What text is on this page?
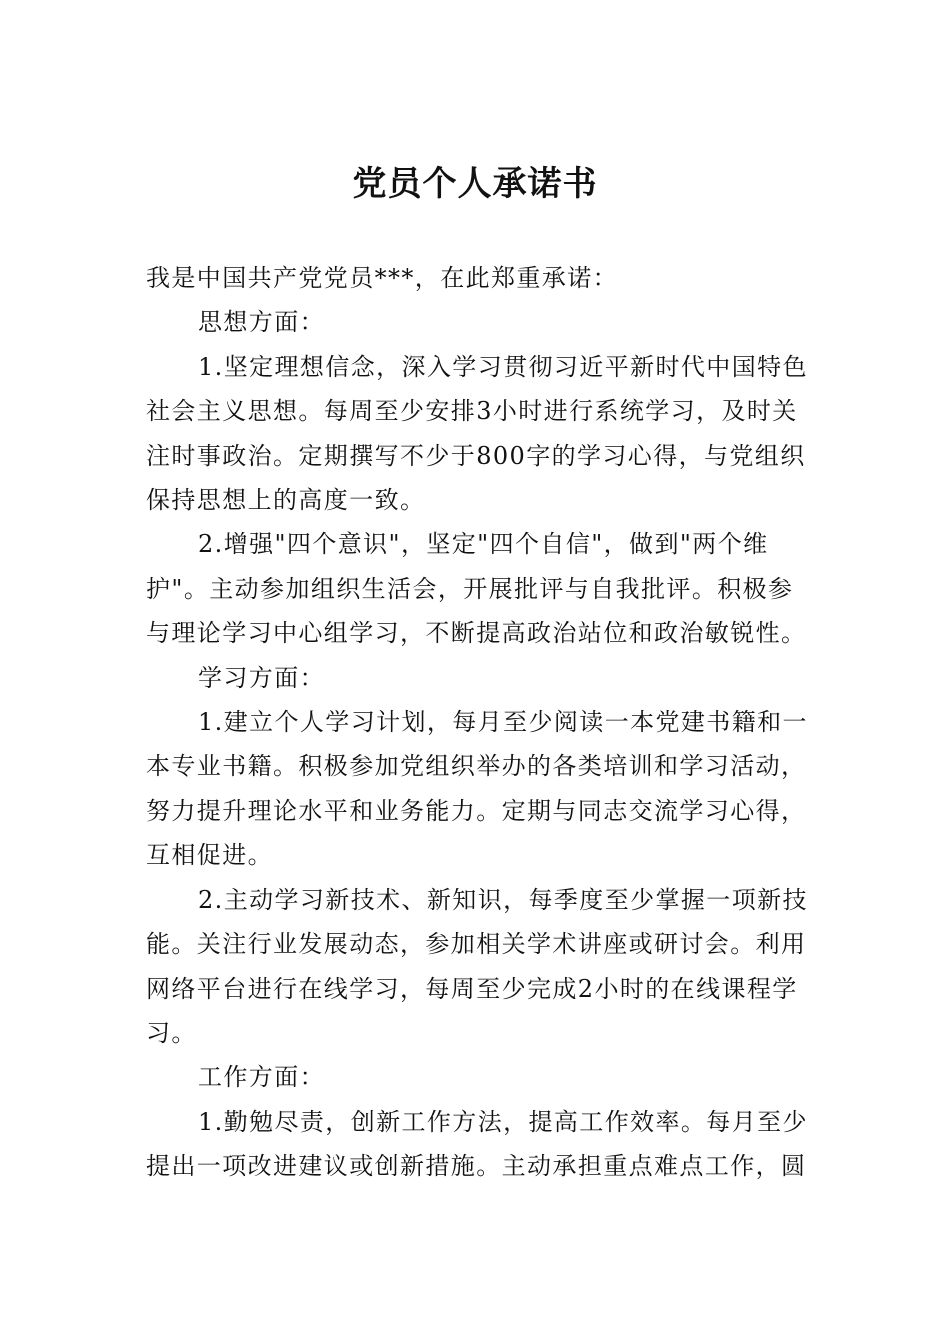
党员个人承诺书

我是中国共产党党员***，在此郑重承诺：

思想方面：

1.坚定理想信念，深入学习贯彻习近平新时代中国特色社会主义思想。每周至少安排3小时进行系统学习，及时关注时事政治。定期撰写不少于800字的学习心得，与党组织保持思想上的高度一致。

2.增强"四个意识"，坚定"四个自信"，做到"两个维护"。主动参加组织生活会，开展批评与自我批评。积极参与理论学习中心组学习，不断提高政治站位和政治敏锐性。

学习方面：

1.建立个人学习计划，每月至少阅读一本党建书籍和一本专业书籍。积极参加党组织举办的各类培训和学习活动，努力提升理论水平和业务能力。定期与同志交流学习心得，互相促进。

2.主动学习新技术、新知识，每季度至少掌握一项新技能。关注行业发展动态，参加相关学术讲座或研讨会。利用网络平台进行在线学习，每周至少完成2小时的在线课程学习。

工作方面：

1.勤勉尽责，创新工作方法，提高工作效率。每月至少提出一项改进建议或创新措施。主动承担重点难点工作，圆
